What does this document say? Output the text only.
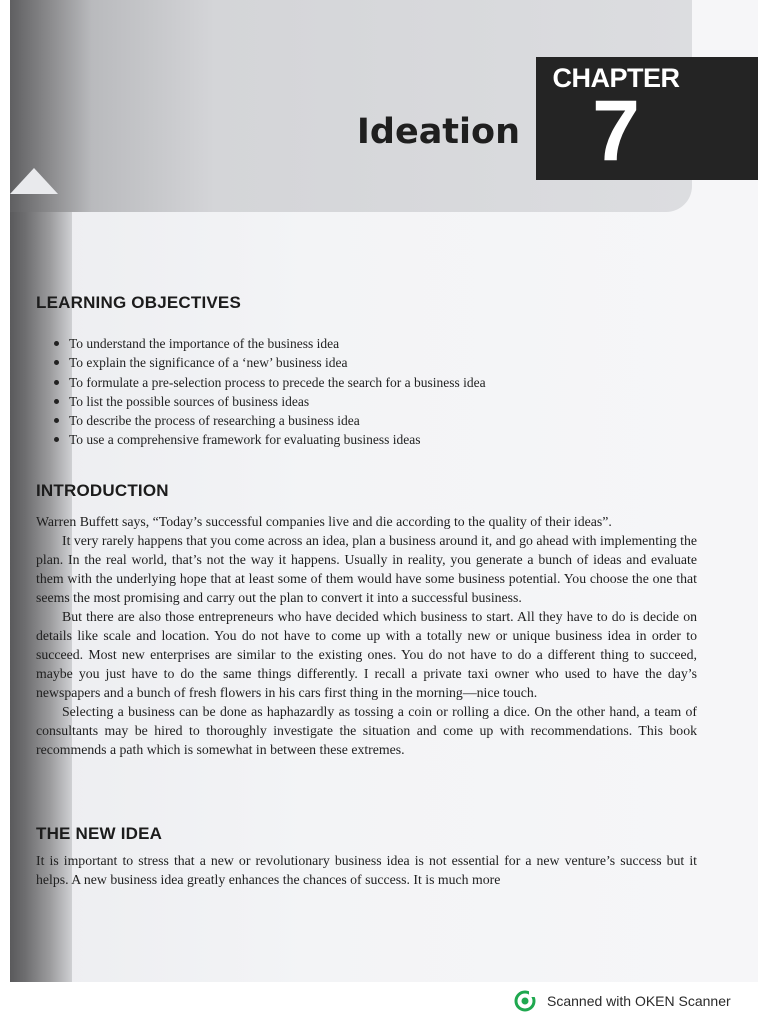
CHAPTER
7
Ideation
LEARNING OBJECTIVES
To understand the importance of the business idea
To explain the significance of a ‘new’ business idea
To formulate a pre-selection process to precede the search for a business idea
To list the possible sources of business ideas
To describe the process of researching a business idea
To use a comprehensive framework for evaluating business ideas
INTRODUCTION

Warren Buffett says, “Today’s successful companies live and die according to the quality of their ideas”.

It very rarely happens that you come across an idea, plan a business around it, and go ahead with implementing the plan. In the real world, that’s not the way it happens. Usually in reality, you generate a bunch of ideas and evaluate them with the underlying hope that at least some of them would have some business potential. You choose the one that seems the most promising and carry out the plan to convert it into a successful business.

But there are also those entrepreneurs who have decided which business to start. All they have to do is decide on details like scale and location. You do not have to come up with a totally new or unique business idea in order to succeed. Most new enterprises are similar to the existing ones. You do not have to do a different thing to succeed, maybe you just have to do the same things differently. I recall a private taxi owner who used to have the day’s newspapers and a bunch of fresh flowers in his cars first thing in the morning—nice touch.

Selecting a business can be done as haphazardly as tossing a coin or rolling a dice. On the other hand, a team of consultants may be hired to thoroughly investigate the situation and come up with recommendations. This book recommends a path which is somewhat in between these extremes.

THE NEW IDEA

It is important to stress that a new or revolutionary business idea is not essential for a new venture’s success but it helps. A new business idea greatly enhances the chances of success. It is much more

Scanned with OKEN Scanner
